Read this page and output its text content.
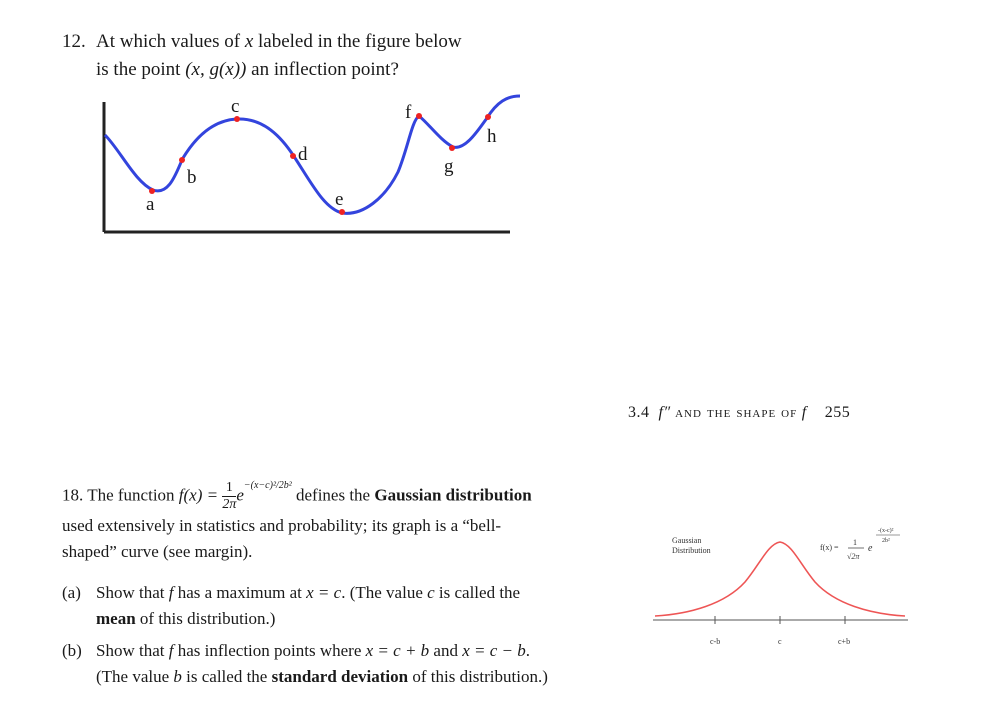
12. At which values of x labeled in the figure below
is the point (x, g(x)) an inflection point?
a
b
c
d
e
f
g
h
3.4 f″ and the shape of f 255

18. The function $f(x) = \frac{1}{2\pi} e^{-(x-c)^2/2b^2}$ defines the Gaussian distribution

used extensively in statistics and probability; its graph is a “bell-

shaped” curve (see margin).

(a) Show that f has a maximum at x = c. (The value c is called the
mean of this distribution.)
(b) Show that f has inflection points where x = c + b and x = c − b.
(The value b is called the standard deviation of this distribution.)
Gaussian
Distribution	f(x) =
1
√2π
e
-(x-c)²
2b²
c-b	c	c+b
